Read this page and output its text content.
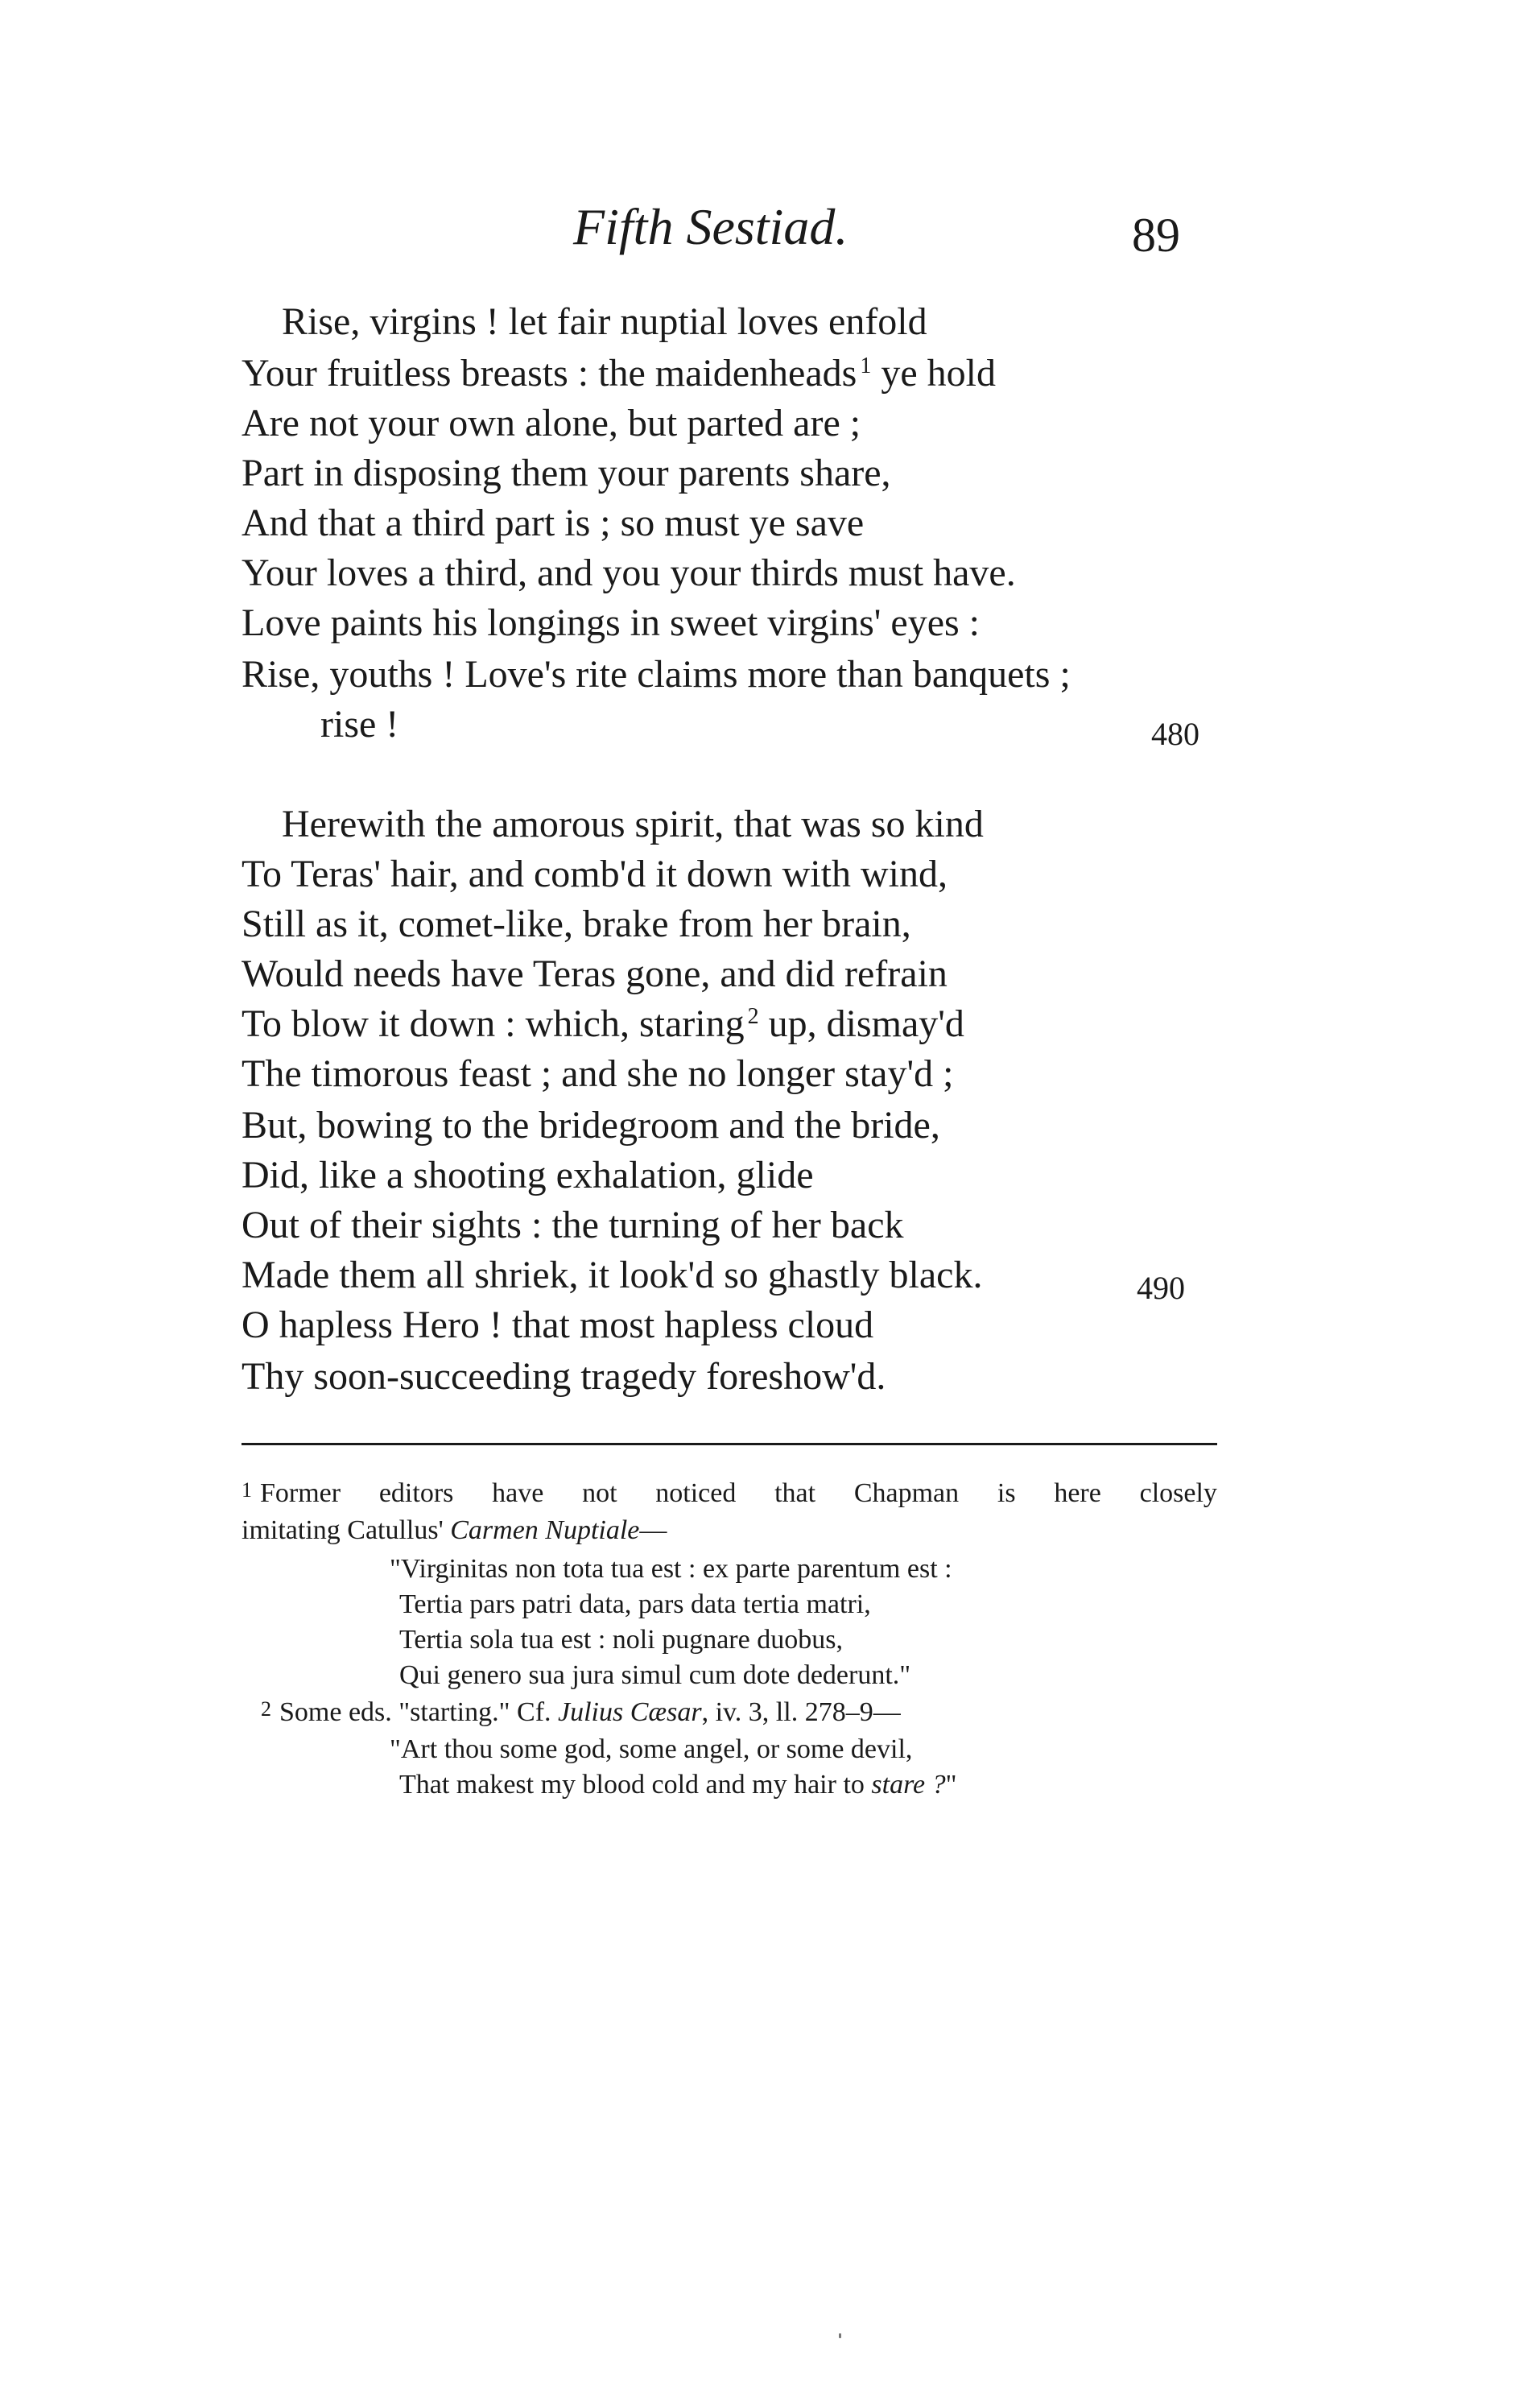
Fifth Sestiad.	89
Rise, virgins ! let fair nuptial loves enfold
Your fruitless breasts : the maidenheads $^1$ ye hold
Are not your own alone, but parted are ;
Part in disposing them your parents share,
And that a third part is ; so must ye save
Your loves a third, and you your thirds must have.
Love paints his longings in sweet virgins' eyes :
Rise, youths ! Love's rite claims more than banquets ;
rise !	480
Herewith the amorous spirit, that was so kind
To Teras' hair, and comb'd it down with wind,
Still as it, comet-like, brake from her brain,
Would needs have Teras gone, and did refrain
To blow it down : which, staring $^2$ up, dismay'd
The timorous feast ; and she no longer stay'd ;
But, bowing to the bridegroom and the bride,
Did, like a shooting exhalation, glide
Out of their sights : the turning of her back
Made them all shriek, it look'd so ghastly black.	490
O hapless Hero ! that most hapless cloud
Thy soon-succeeding tragedy foreshow'd.
$^1$ Former editors have not noticed that Chapman is here closely
imitating Catullus' Carmen Nuptiale—
"Virginitas non tota tua est : ex parte parentum est :
Tertia pars patri data, pars data tertia matri,
Tertia sola tua est : noli pugnare duobus,
Qui genero sua jura simul cum dote dederunt."
$^2$ Some eds. "starting." Cf. Julius Cæsar, iv. 3, ll. 278–9—
"Art thou some god, some angel, or some devil,
That makest my blood cold and my hair to stare ?"
